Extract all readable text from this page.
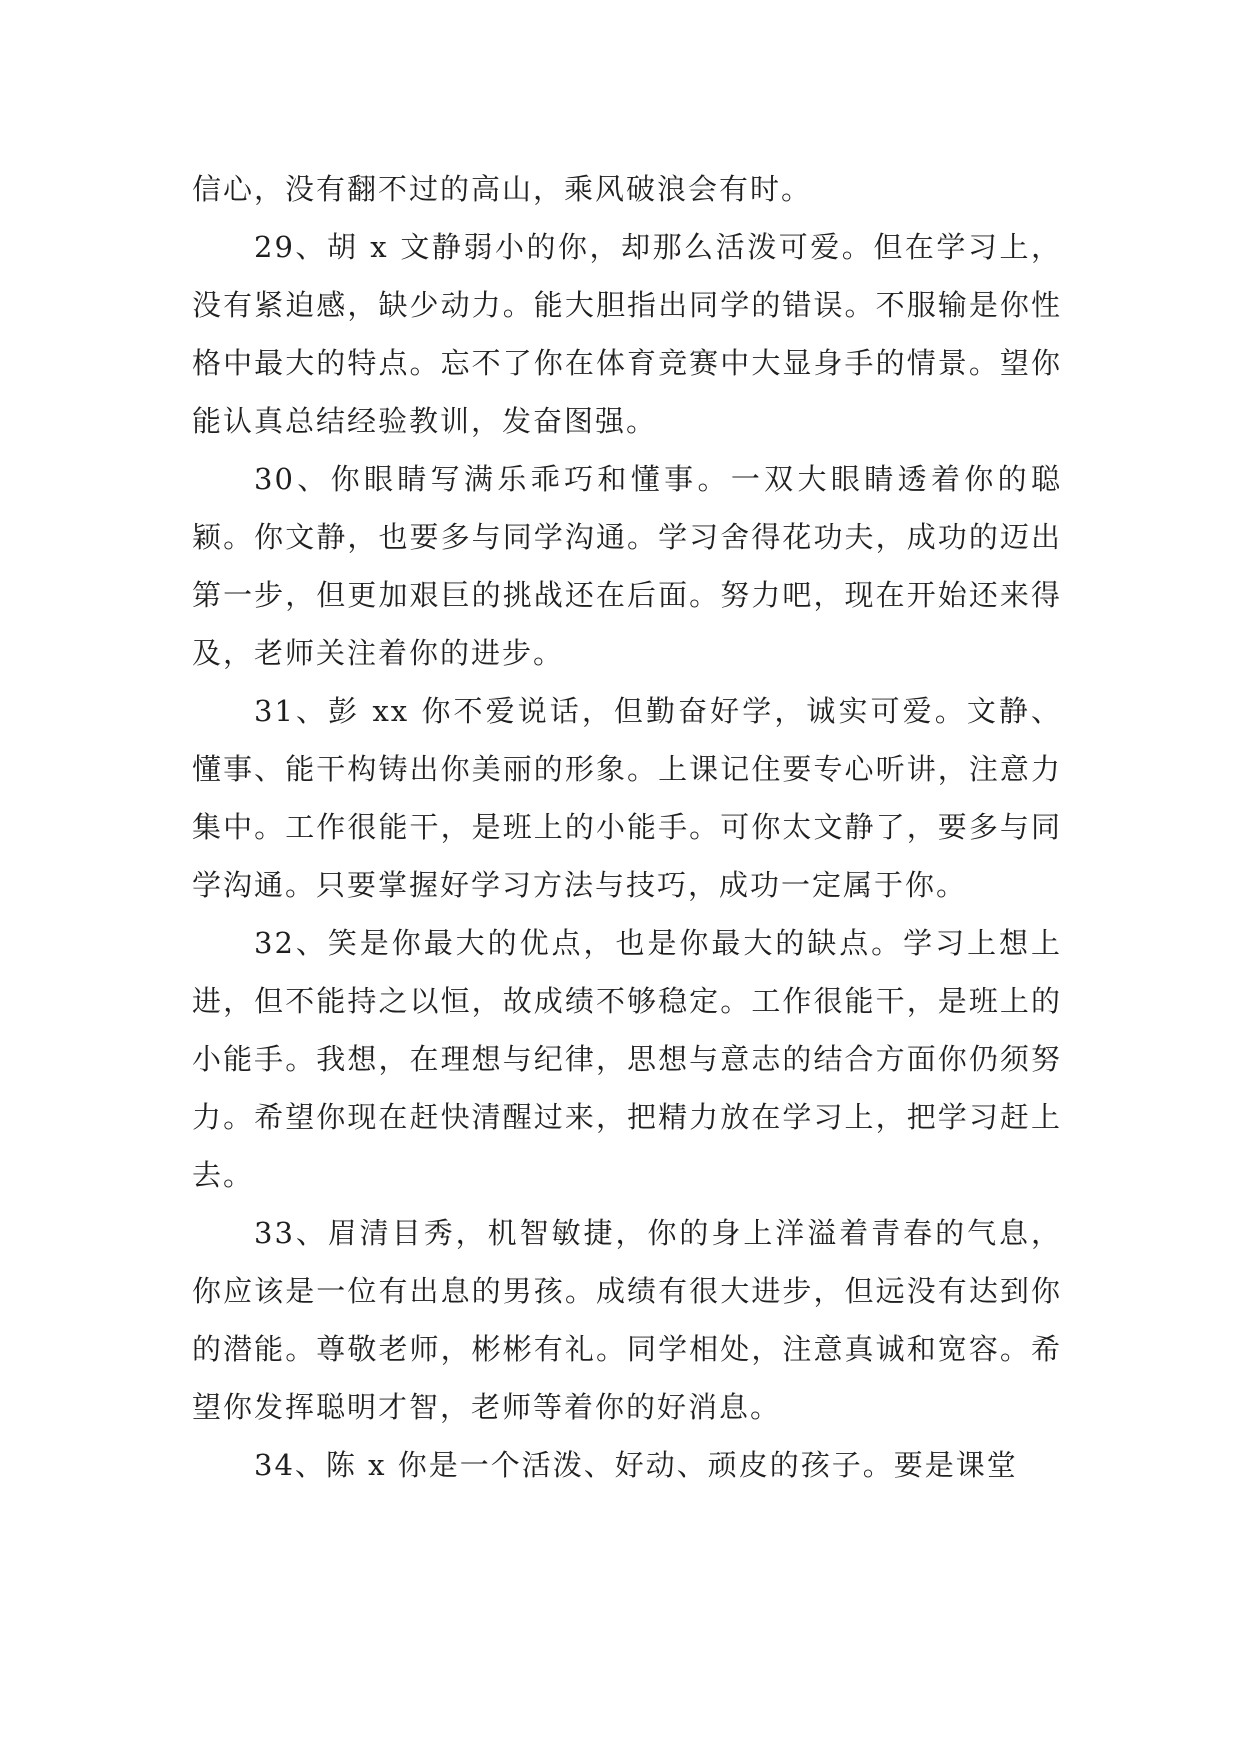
信心，没有翻不过的高山，乘风破浪会有时。

29、胡 x 文静弱小的你，却那么活泼可爱。但在学习上，没有紧迫感，缺少动力。能大胆指出同学的错误。不服输是你性格中最大的特点。忘不了你在体育竞赛中大显身手的情景。望你能认真总结经验教训，发奋图强。

30、你眼睛写满乐乖巧和懂事。一双大眼睛透着你的聪颖。你文静，也要多与同学沟通。学习舍得花功夫，成功的迈出第一步，但更加艰巨的挑战还在后面。努力吧，现在开始还来得及，老师关注着你的进步。

31、彭 xx 你不爱说话，但勤奋好学，诚实可爱。文静、懂事、能干构铸出你美丽的形象。上课记住要专心听讲，注意力集中。工作很能干，是班上的小能手。可你太文静了，要多与同学沟通。只要掌握好学习方法与技巧，成功一定属于你。

32、笑是你最大的优点，也是你最大的缺点。学习上想上进，但不能持之以恒，故成绩不够稳定。工作很能干，是班上的小能手。我想，在理想与纪律，思想与意志的结合方面你仍须努力。希望你现在赶快清醒过来，把精力放在学习上，把学习赶上去。

33、眉清目秀，机智敏捷，你的身上洋溢着青春的气息，你应该是一位有出息的男孩。成绩有很大进步，但远没有达到你的潜能。尊敬老师，彬彬有礼。同学相处，注意真诚和宽容。希望你发挥聪明才智，老师等着你的好消息。

34、陈 x 你是一个活泼、好动、顽皮的孩子。要是课堂
